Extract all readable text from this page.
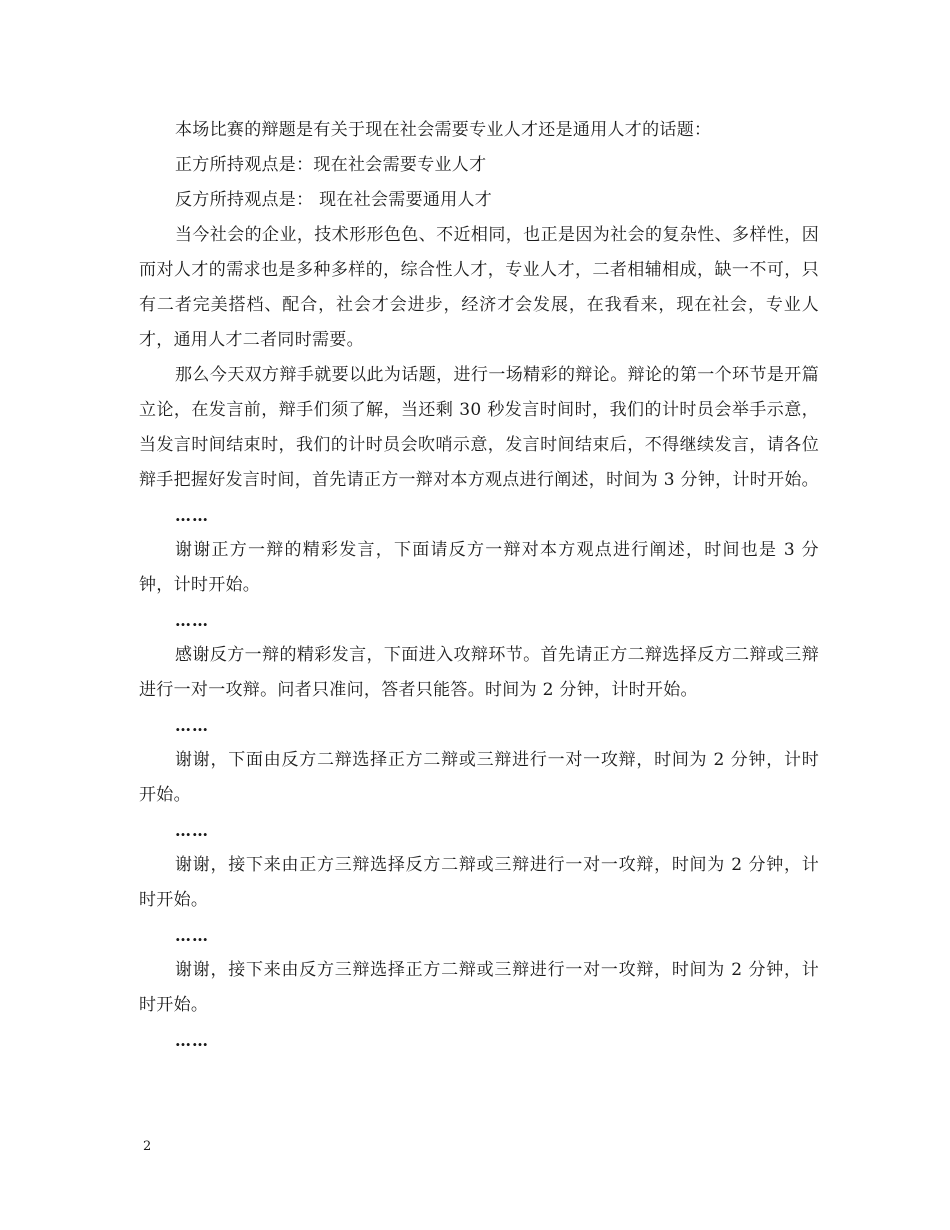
本场比赛的辩题是有关于现在社会需要专业人才还是通用人才的话题：

正方所持观点是：现在社会需要专业人才

反方所持观点是： 现在社会需要通用人才

当今社会的企业，技术形形色色、不近相同，也正是因为社会的复杂性、多样性，因而对人才的需求也是多种多样的，综合性人才，专业人才，二者相辅相成，缺一不可，只有二者完美搭档、配合，社会才会进步，经济才会发展，在我看来，现在社会，专业人才，通用人才二者同时需要。

那么今天双方辩手就要以此为话题，进行一场精彩的辩论。辩论的第一个环节是开篇立论，在发言前，辩手们须了解，当还剩 30 秒发言时间时，我们的计时员会举手示意，当发言时间结束时，我们的计时员会吹哨示意，发言时间结束后，不得继续发言，请各位辩手把握好发言时间，首先请正方一辩对本方观点进行阐述，时间为 3 分钟，计时开始。

……

谢谢正方一辩的精彩发言，下面请反方一辩对本方观点进行阐述，时间也是 3 分钟，计时开始。

……

感谢反方一辩的精彩发言，下面进入攻辩环节。首先请正方二辩选择反方二辩或三辩进行一对一攻辩。问者只准问，答者只能答。时间为 2 分钟，计时开始。

……

谢谢，下面由反方二辩选择正方二辩或三辩进行一对一攻辩，时间为 2 分钟，计时开始。

……

谢谢，接下来由正方三辩选择反方二辩或三辩进行一对一攻辩，时间为 2 分钟，计时开始。

……

谢谢，接下来由反方三辩选择正方二辩或三辩进行一对一攻辩，时间为 2 分钟，计时开始。

……

2
